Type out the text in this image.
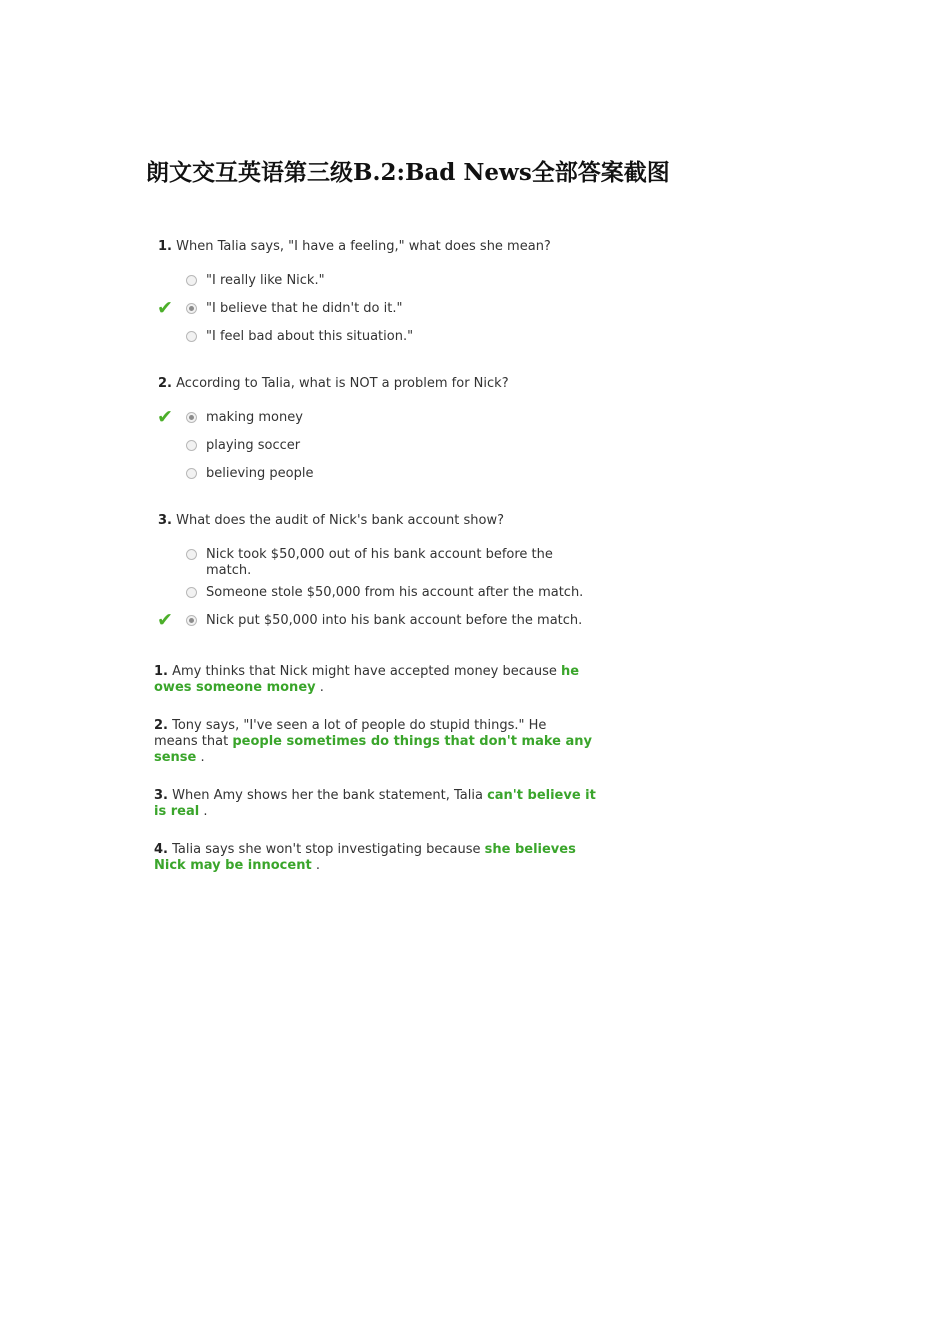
朗文交互英语第三级B.2:Bad News全部答案截图
1. When Talia says, "I have a feeling," what does she mean?
"I really like Nick."
✔	"I believe that he didn't do it."
"I feel bad about this situation."
2. According to Talia, what is NOT a problem for Nick?
✔	making money
playing soccer
believing people
3. What does the audit of Nick's bank account show?
Nick took $50,000 out of his bank account before the match.
Someone stole $50,000 from his account after the match.
✔	Nick put $50,000 into his bank account before the match.
1. Amy thinks that Nick might have accepted money because he owes someone money .
2. Tony says, "I've seen a lot of people do stupid things." He means that people sometimes do things that don't make any sense .
3. When Amy shows her the bank statement, Talia can't believe it is real .
4. Talia says she won't stop investigating because she believes Nick may be innocent .
